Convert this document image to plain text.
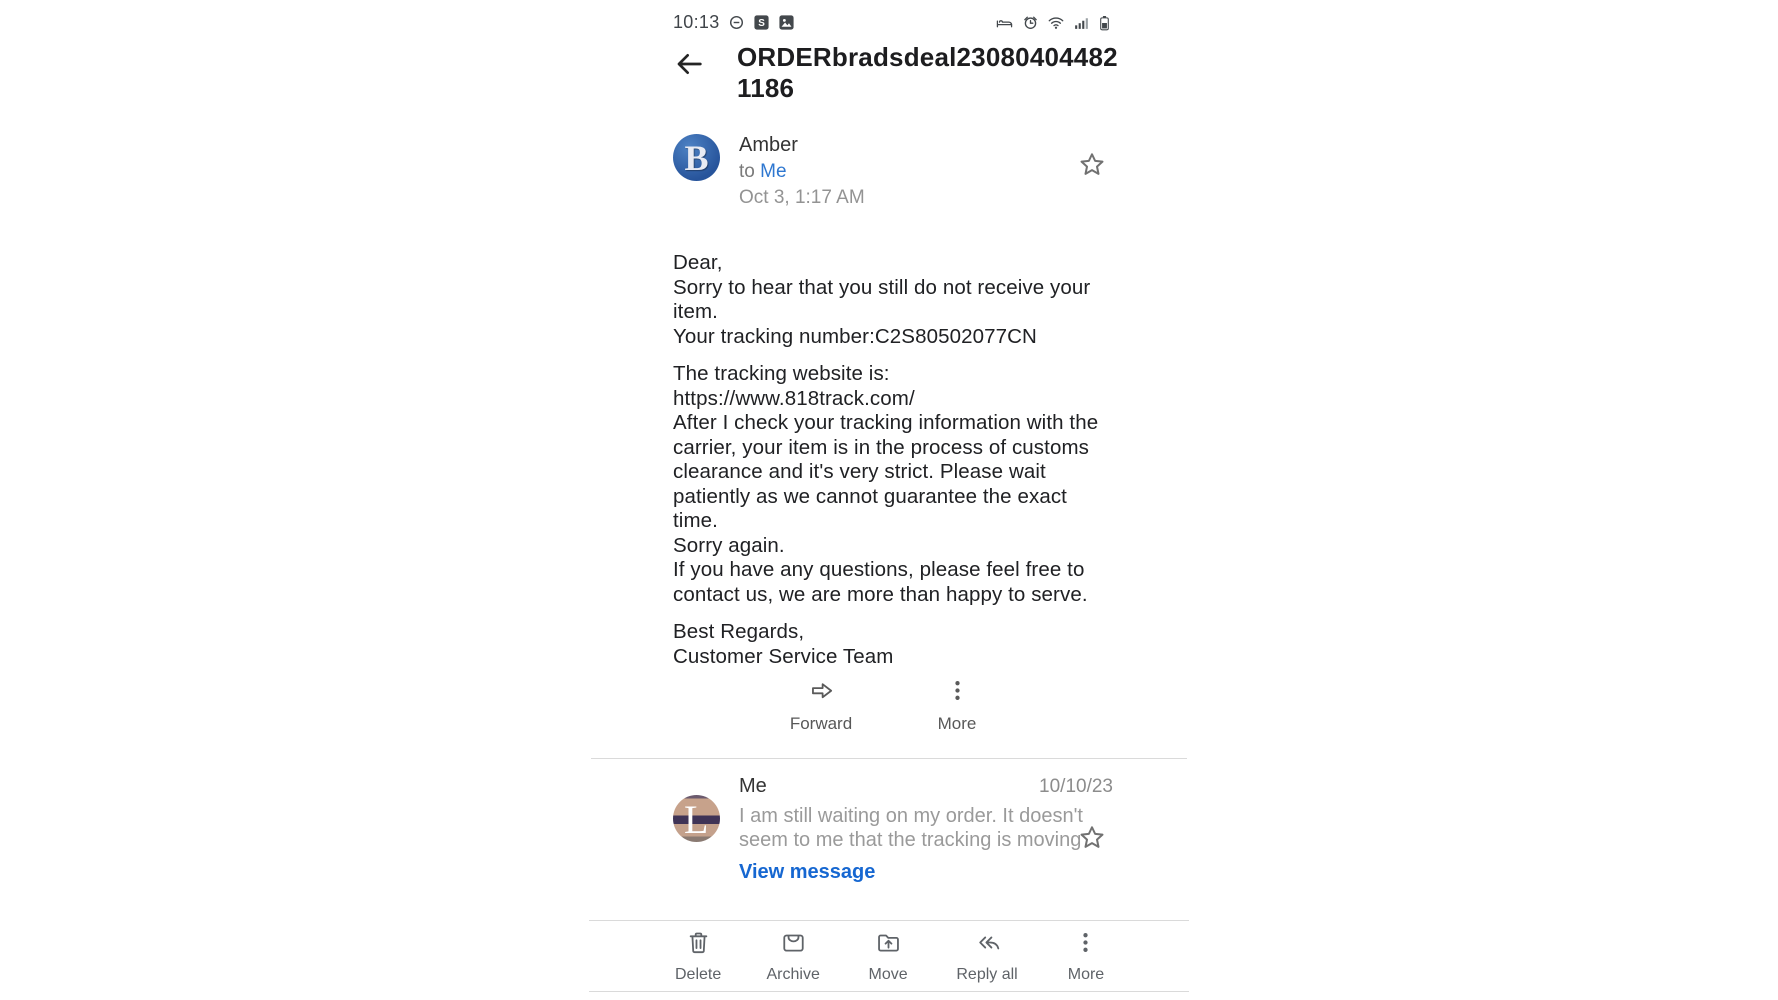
10:13	S
ORDERbradsdeal230804044821186
B Amber
to Me
Oct 3, 1:17 AM
Dear,
Sorry to hear that you still do not receive your
item.
Your tracking number:C2S80502077CN
The tracking website is:
https://www.818track.com/
After I check your tracking information with the
carrier, your item is in the process of customs
clearance and it's very strict. Please wait
patiently as we cannot guarantee the exact time.
Sorry again.
If you have any questions, please feel free to
contact us, we are more than happy to serve.
Best Regards,
Customer Service Team
Forward	More
L
Me	10/10/23
I am still waiting on my order. It doesn't
seem to me that the tracking is moving
View message
Delete	Archive	Move	Reply all	More
